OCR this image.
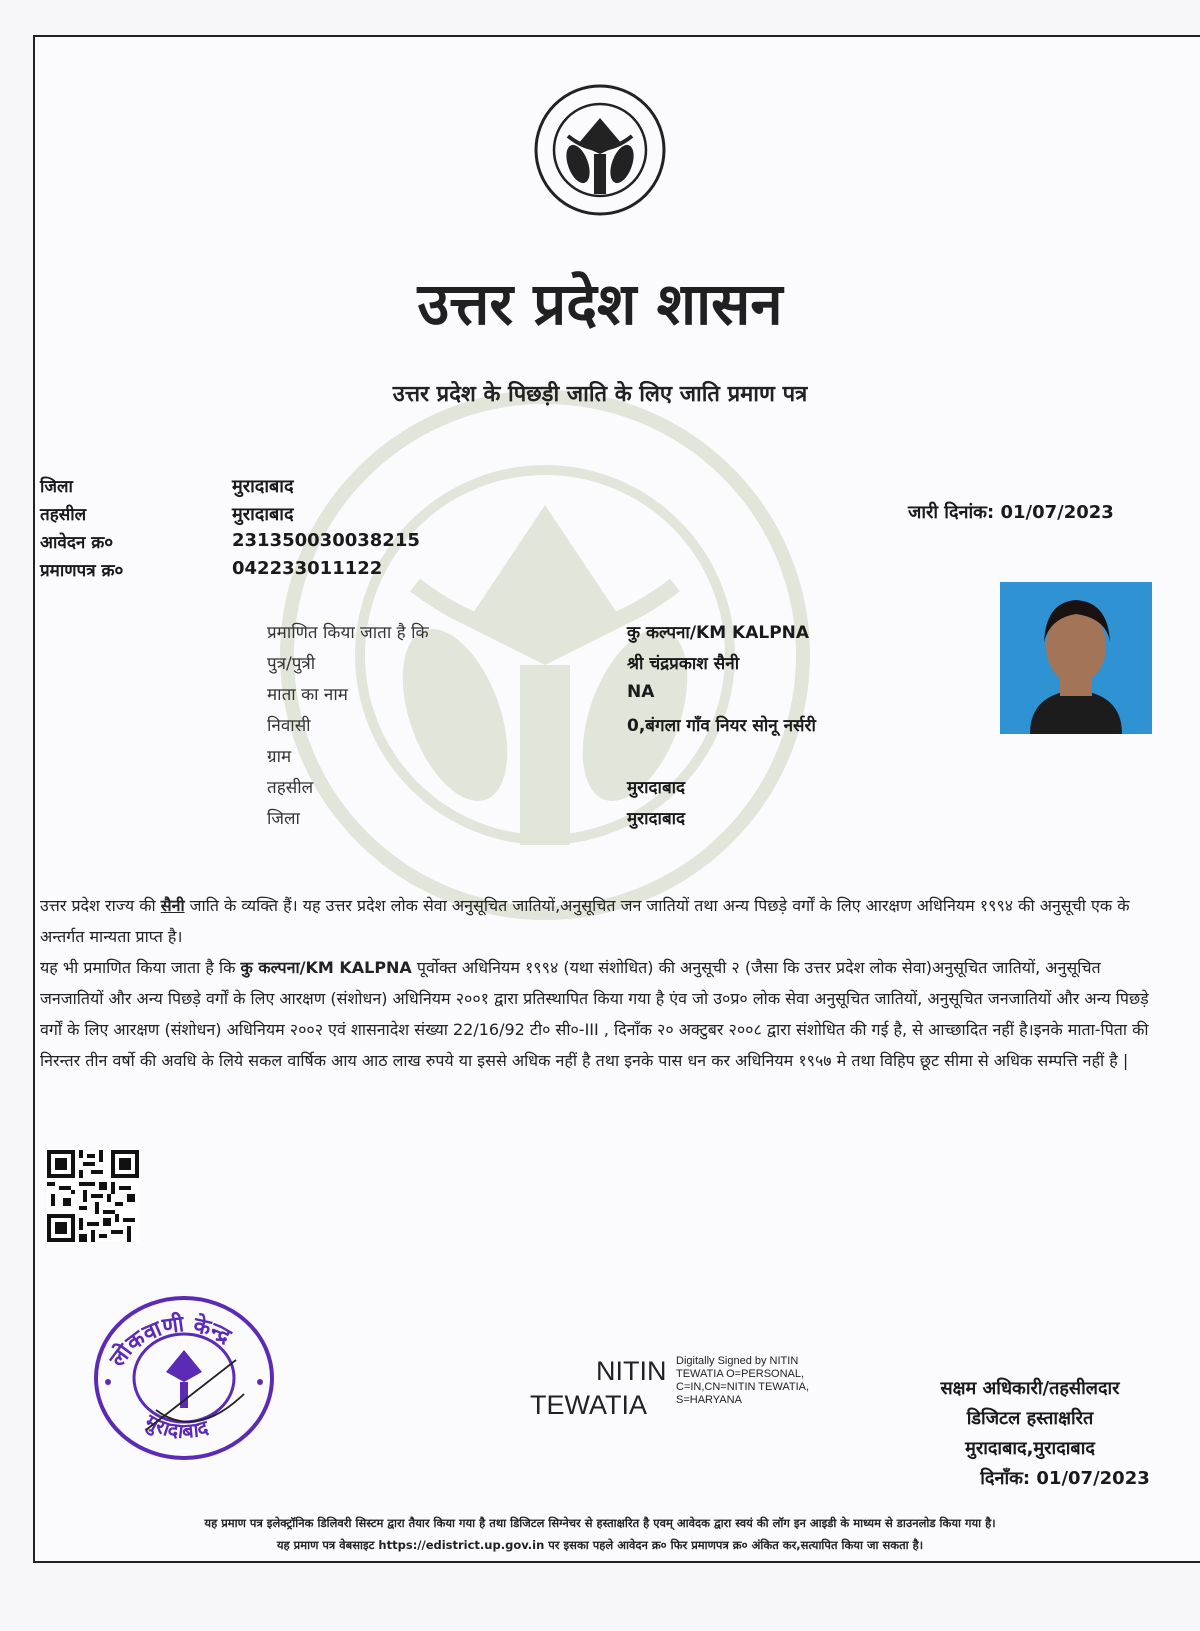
उत्तर प्रदेश शासन
उत्तर प्रदेश के पिछड़ी जाति के लिए जाति प्रमाण पत्र
जिला	मुरादाबाद
तहसील	मुरादाबाद
आवेदन क्र०	231350030038215
प्रमाणपत्र क्र०	042233011122
जारी दिनांक: 01/07/2023
प्रमाणित किया जाता है कि	कु कल्पना/KM KALPNA
पुत्र/पुत्री	श्री चंद्रप्रकाश सैनी
माता का नाम	NA
निवासी	0,बंगला गाँव नियर सोनू नर्सरी
ग्राम
तहसील	मुरादाबाद
जिला	मुरादाबाद
उत्तर प्रदेश राज्य की सैनी जाति के व्यक्ति हैं। यह उत्तर प्रदेश लोक सेवा अनुसूचित जातियों,अनुसूचित जन जातियों तथा अन्य पिछड़े वर्गों के लिए आरक्षण अधिनियम १९९४ की अनुसूची एक के अन्तर्गत मान्यता प्राप्त है।
यह भी प्रमाणित किया जाता है कि कु कल्पना/KM KALPNA पूर्वोक्त अधिनियम १९९४ (यथा संशोधित) की अनुसूची २ (जैसा कि उत्तर प्रदेश लोक सेवा)अनुसूचित जातियों, अनुसूचित जनजातियों और अन्य पिछड़े वर्गों के लिए आरक्षण (संशोधन) अधिनियम २००१ द्वारा प्रतिस्थापित किया गया है एंव जो उ०प्र० लोक सेवा अनुसूचित जातियों, अनुसूचित जनजातियों और अन्य पिछड़े वर्गों के लिए आरक्षण (संशोधन) अधिनियम २००२ एवं शासनादेश संख्या 22/16/92 टी० सी०-III , दिनाँक २० अक्टुबर २००८ द्वारा संशोधित की गई है, से आच्छादित नहीं है।इनके माता-पिता की निरन्तर तीन वर्षो की अवधि के लिये सकल वार्षिक आय आठ लाख रुपये या इससे अधिक नहीं है तथा इनके पास धन कर अधिनियम १९५७ मे तथा विहिप छूट सीमा से अधिक सम्पत्ति नहीं है |
लोकवाणी केन्द्र
मुरादाबाद
NITIN
TEWATIA
Digitally Signed by NITIN TEWATIA O=PERSONAL, C=IN,CN=NITIN TEWATIA, S=HARYANA
सक्षम अधिकारी/तहसीलदार
डिजिटल हस्ताक्षरित
मुरादाबाद,मुरादाबाद
दिनाँक: 01/07/2023
यह प्रमाण पत्र इलेक्ट्रॉनिक डिलिवरी सिस्टम द्वारा तैयार किया गया है तथा डिजिटल सिग्नेचर से हस्ताक्षरित है एवम् आवेदक द्वारा स्वयं की लॉग इन आइडी के माध्यम से डाउनलोड किया गया है।
यह प्रमाण पत्र वेबसाइट https://edistrict.up.gov.in पर इसका पहले आवेदन क्र० फिर प्रमाणपत्र क्र० अंकित कर,सत्यापित किया जा सकता है।
